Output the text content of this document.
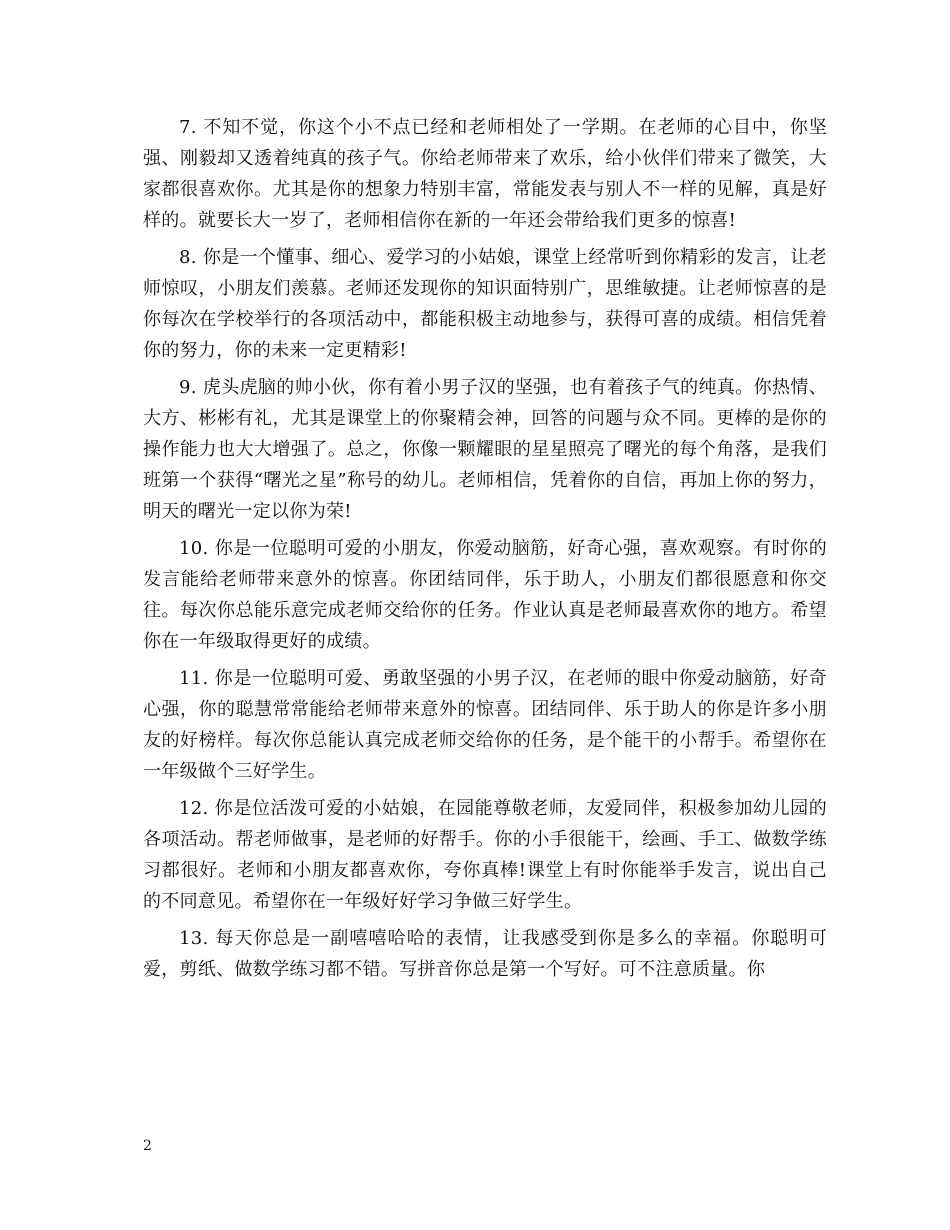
7. 不知不觉，你这个小不点已经和老师相处了一学期。在老师的心目中，你坚强、刚毅却又透着纯真的孩子气。你给老师带来了欢乐，给小伙伴们带来了微笑，大家都很喜欢你。尤其是你的想象力特别丰富，常能发表与别人不一样的见解，真是好样的。就要长大一岁了，老师相信你在新的一年还会带给我们更多的惊喜!

8. 你是一个懂事、细心、爱学习的小姑娘，课堂上经常听到你精彩的发言，让老师惊叹，小朋友们羡慕。老师还发现你的知识面特别广，思维敏捷。让老师惊喜的是你每次在学校举行的各项活动中，都能积极主动地参与，获得可喜的成绩。相信凭着你的努力，你的未来一定更精彩!

9. 虎头虎脑的帅小伙，你有着小男子汉的坚强，也有着孩子气的纯真。你热情、大方、彬彬有礼，尤其是课堂上的你聚精会神，回答的问题与众不同。更棒的是你的操作能力也大大增强了。总之，你像一颗耀眼的星星照亮了曙光的每个角落，是我们班第一个获得“曙光之星”称号的幼儿。老师相信，凭着你的自信，再加上你的努力，明天的曙光一定以你为荣!

10. 你是一位聪明可爱的小朋友，你爱动脑筋，好奇心强，喜欢观察。有时你的发言能给老师带来意外的惊喜。你团结同伴，乐于助人，小朋友们都很愿意和你交往。每次你总能乐意完成老师交给你的任务。作业认真是老师最喜欢你的地方。希望你在一年级取得更好的成绩。

11. 你是一位聪明可爱、勇敢坚强的小男子汉，在老师的眼中你爱动脑筋，好奇心强，你的聪慧常常能给老师带来意外的惊喜。团结同伴、乐于助人的你是许多小朋友的好榜样。每次你总能认真完成老师交给你的任务，是个能干的小帮手。希望你在一年级做个三好学生。

12. 你是位活泼可爱的小姑娘，在园能尊敬老师，友爱同伴，积极参加幼儿园的各项活动。帮老师做事，是老师的好帮手。你的小手很能干，绘画、手工、做数学练习都很好。老师和小朋友都喜欢你，夸你真棒!课堂上有时你能举手发言，说出自己的不同意见。希望你在一年级好好学习争做三好学生。

13. 每天你总是一副嘻嘻哈哈的表情，让我感受到你是多么的幸福。你聪明可爱，剪纸、做数学练习都不错。写拼音你总是第一个写好。可不注意质量。你

2
